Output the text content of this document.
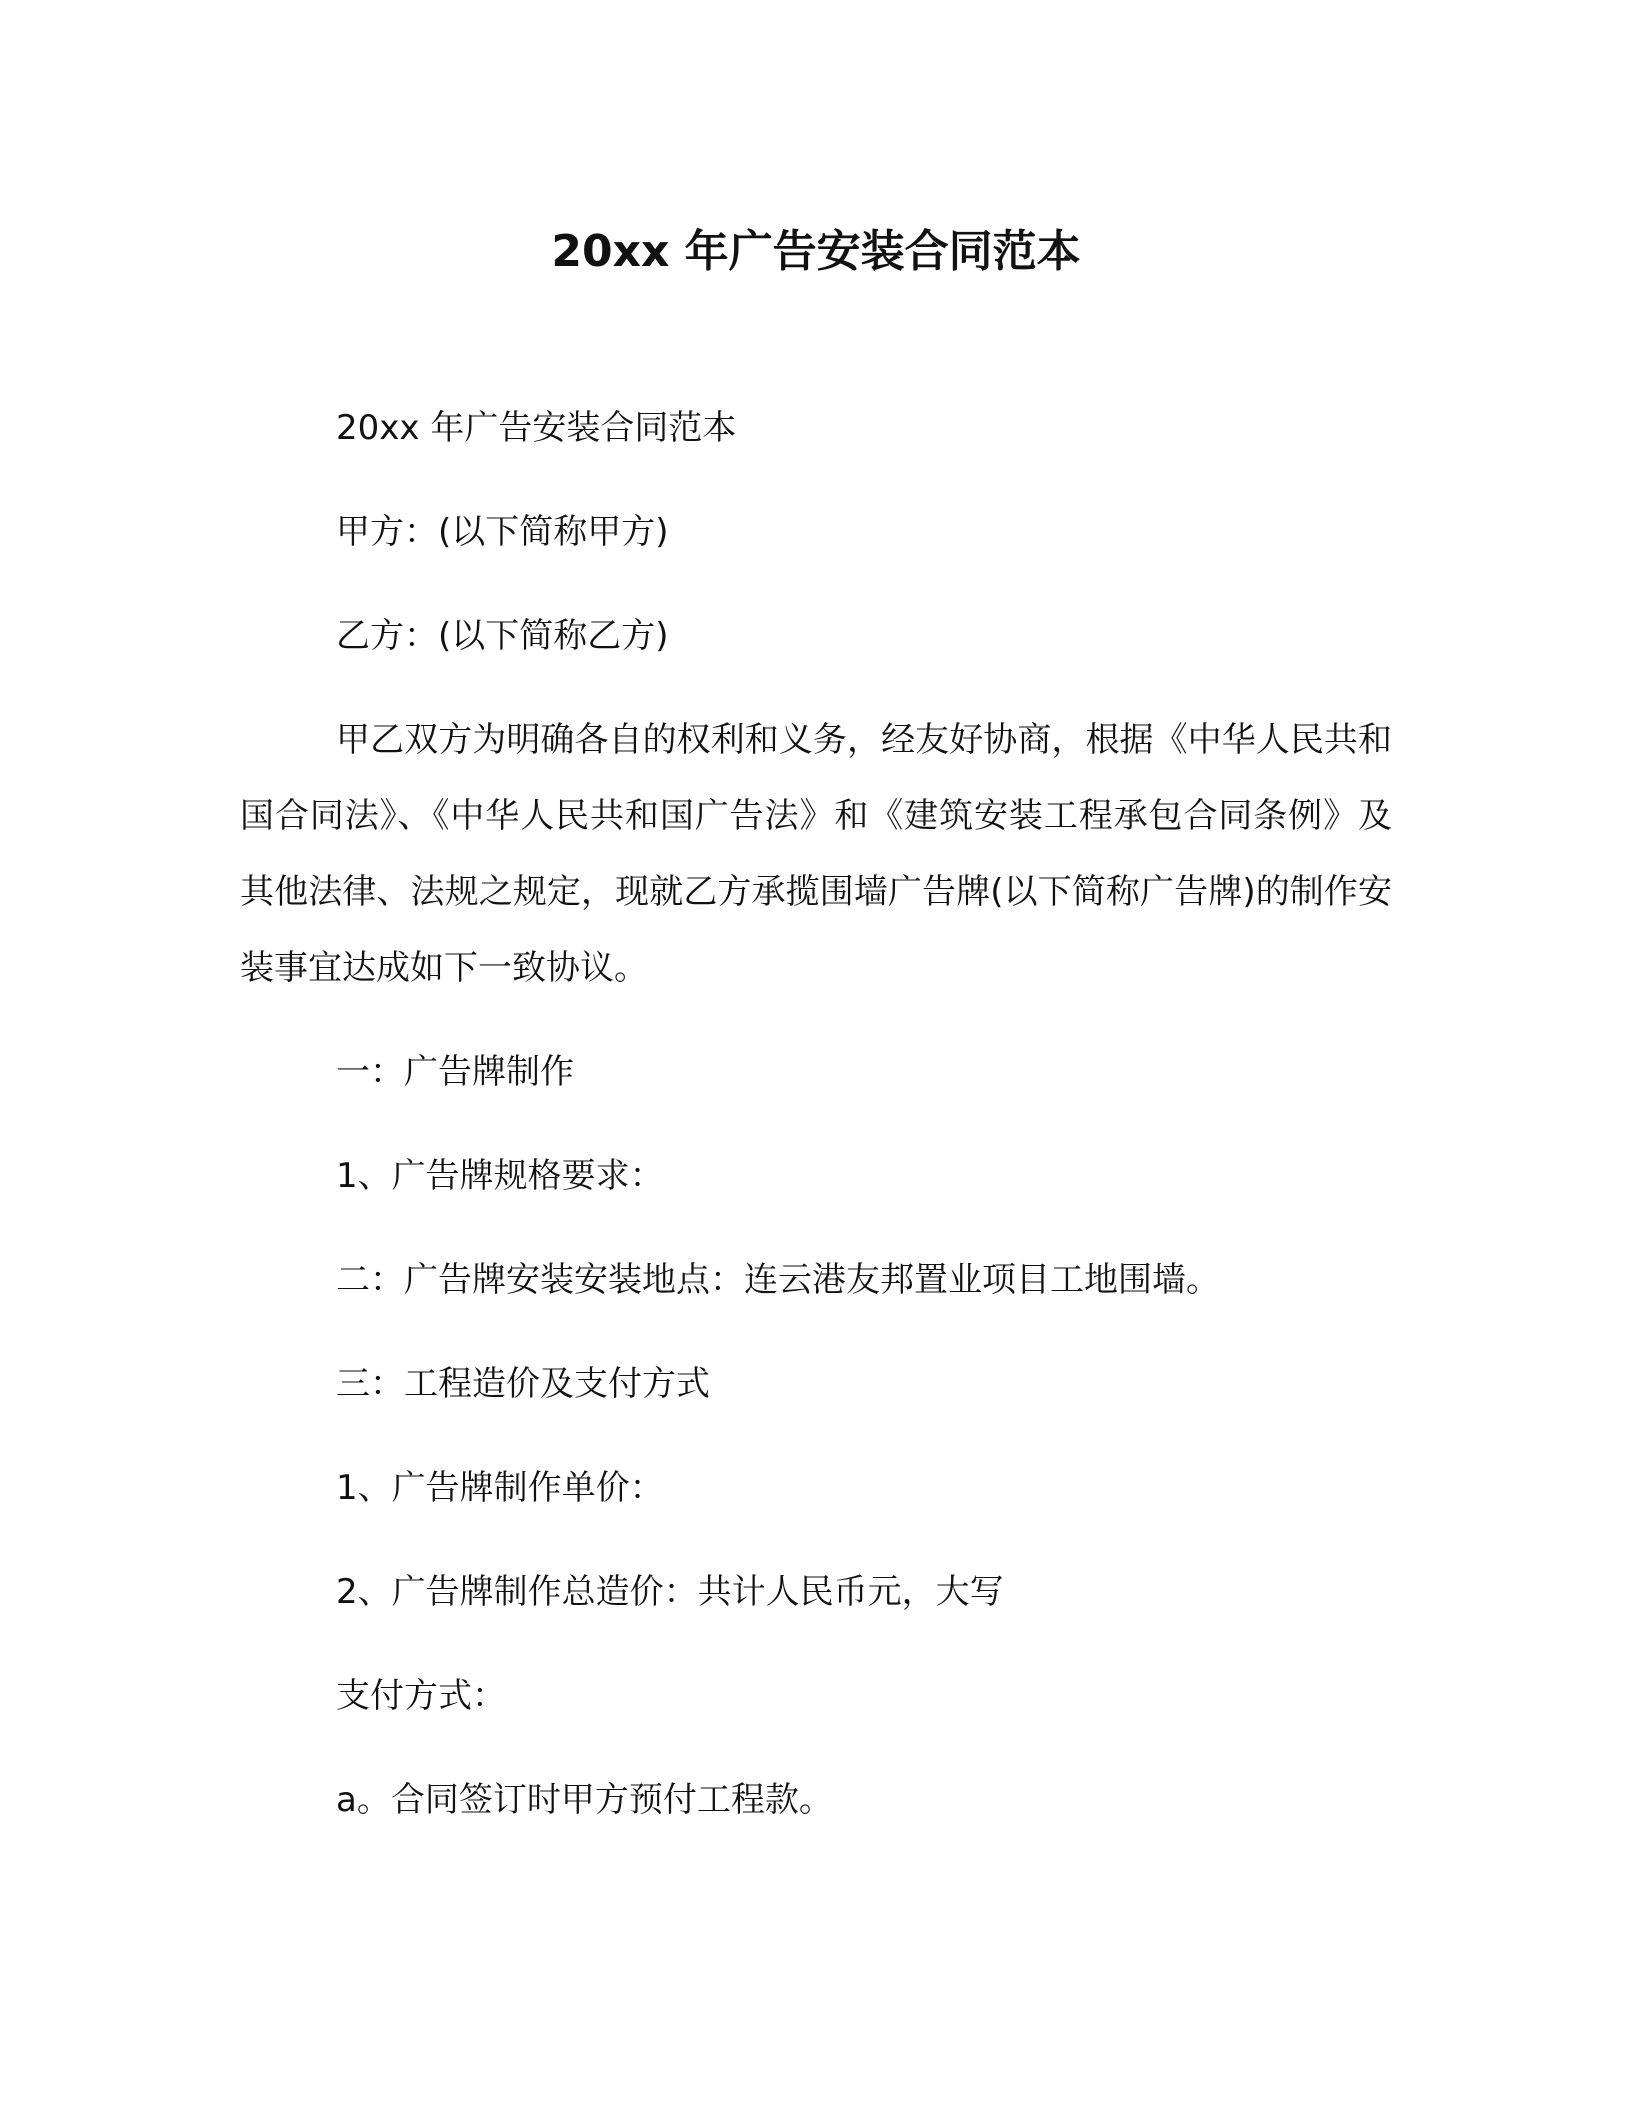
20xx 年广告安装合同范本

20xx 年广告安装合同范本

甲方：(以下简称甲方)

乙方：(以下简称乙方)

甲乙双方为明确各自的权利和义务，经友好协商，根据《中华人民共和国合同法》、《中华人民共和国广告法》和《建筑安装工程承包合同条例》及其他法律、法规之规定，现就乙方承揽围墙广告牌(以下简称广告牌)的制作安装事宜达成如下一致协议。

一：广告牌制作

1、广告牌规格要求：

二：广告牌安装安装地点：连云港友邦置业项目工地围墙。

三：工程造价及支付方式

1、广告牌制作单价：

2、广告牌制作总造价：共计人民币元，大写

支付方式：

a。合同签订时甲方预付工程款。
